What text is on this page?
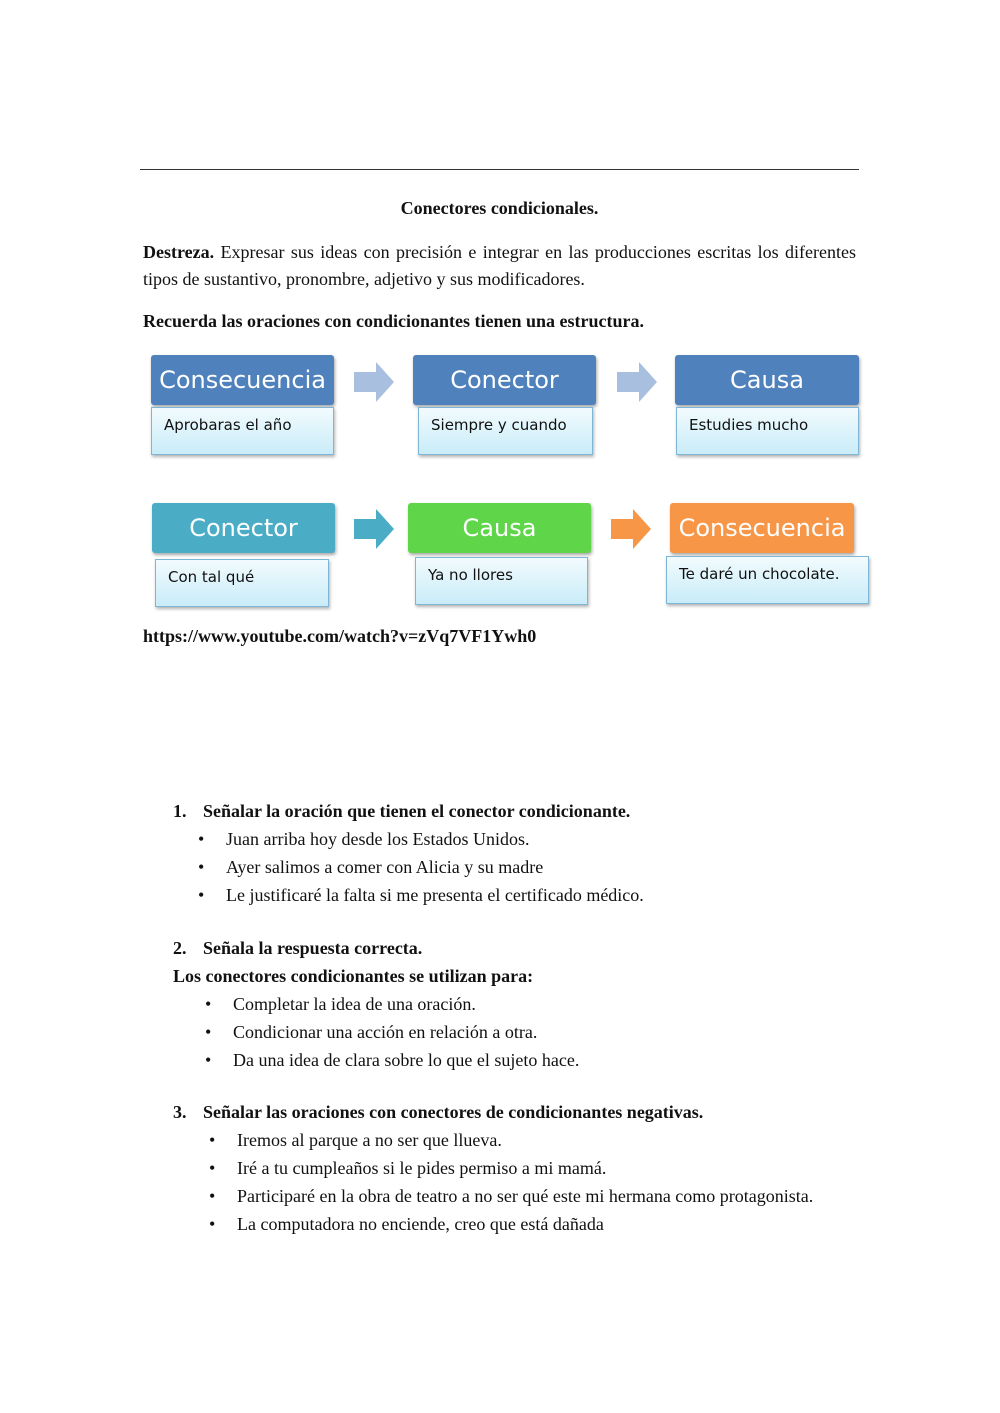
Conectores condicionales.
Destreza. Expresar sus ideas con precisión e integrar en las producciones escritas los diferentes tipos de sustantivo, pronombre, adjetivo y sus modificadores.
Recuerda las oraciones con condicionantes tienen una estructura.
Consecuencia
Aprobaras el año
Conector
Siempre y cuando
Causa
Estudies mucho
Conector
Con tal qué
Causa
Ya no llores
Consecuencia
Te daré un chocolate.
https://www.youtube.com/watch?v=zVq7VF1Ywh0
1. Señalar la oración que tienen el conector condicionante.
• Juan arriba hoy desde los Estados Unidos.
• Ayer salimos a comer con Alicia y su madre
• Le justificaré la falta si me presenta el certificado médico.
2. Señala la respuesta correcta.
Los conectores condicionantes se utilizan para:
• Completar la idea de una oración.
• Condicionar una acción en relación a otra.
• Da una idea de clara sobre lo que el sujeto hace.
3. Señalar las oraciones con conectores de condicionantes negativas.
• Iremos al parque a no ser que llueva.
• Iré a tu cumpleaños si le pides permiso a mi mamá.
• Participaré en la obra de teatro a no ser qué este mi hermana como protagonista.
• La computadora no enciende, creo que está dañada
